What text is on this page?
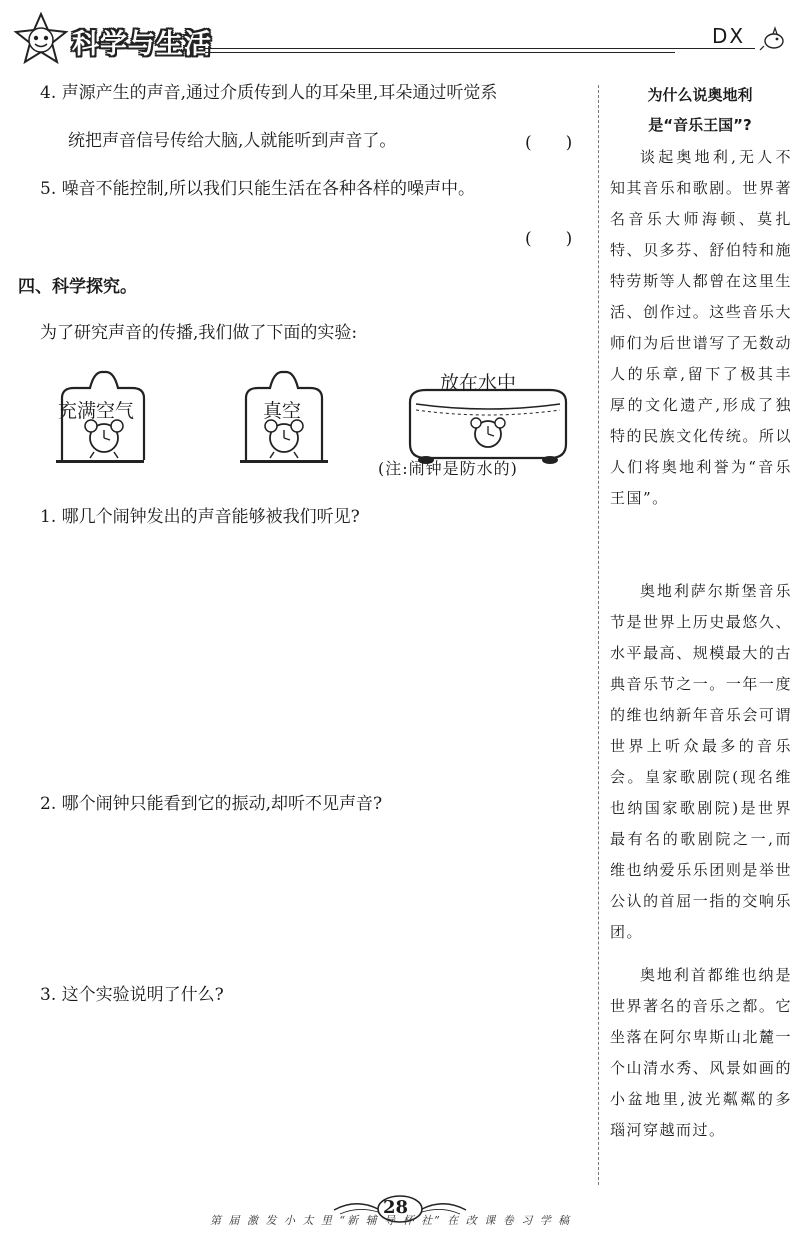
科学与生活	DX
4. 声源产生的声音,通过介质传到人的耳朵里,耳朵通过听觉系
统把声音信号传给大脑,人就能听到声音了。	(　　)
5. 噪音不能控制,所以我们只能生活在各种各样的噪声中。
(　　)
四、科学探究。
为了研究声音的传播,我们做了下面的实验:
充满空气	真空
放在水中
(注:闹钟是防水的)
1. 哪几个闹钟发出的声音能够被我们听见?
2. 哪个闹钟只能看到它的振动,却听不见声音?
3. 这个实验说明了什么?
为什么说奥地利
是“音乐王国”?
谈起奥地利,无人不知其音乐和歌剧。世界著名音乐大师海顿、莫扎特、贝多芬、舒伯特和施特劳斯等人都曾在这里生活、创作过。这些音乐大师们为后世谱写了无数动人的乐章,留下了极其丰厚的文化遗产,形成了独特的民族文化传统。所以人们将奥地利誉为“音乐王国”。
奥地利萨尔斯堡音乐节是世界上历史最悠久、水平最高、规模最大的古典音乐节之一。一年一度的维也纳新年音乐会可谓世界上听众最多的音乐会。皇家歌剧院(现名维也纳国家歌剧院)是世界最有名的歌剧院之一,而维也纳爱乐乐团则是举世公认的首屈一指的交响乐团。
奥地利首都维也纳是世界著名的音乐之都。它坐落在阿尔卑斯山北麓一个山清水秀、风景如画的小盆地里,波光粼粼的多瑙河穿越而过。
28
第 届 激 发 小 太 里 “新 辅 导 杯 社” 在 改 课 卷 习 学 稿
